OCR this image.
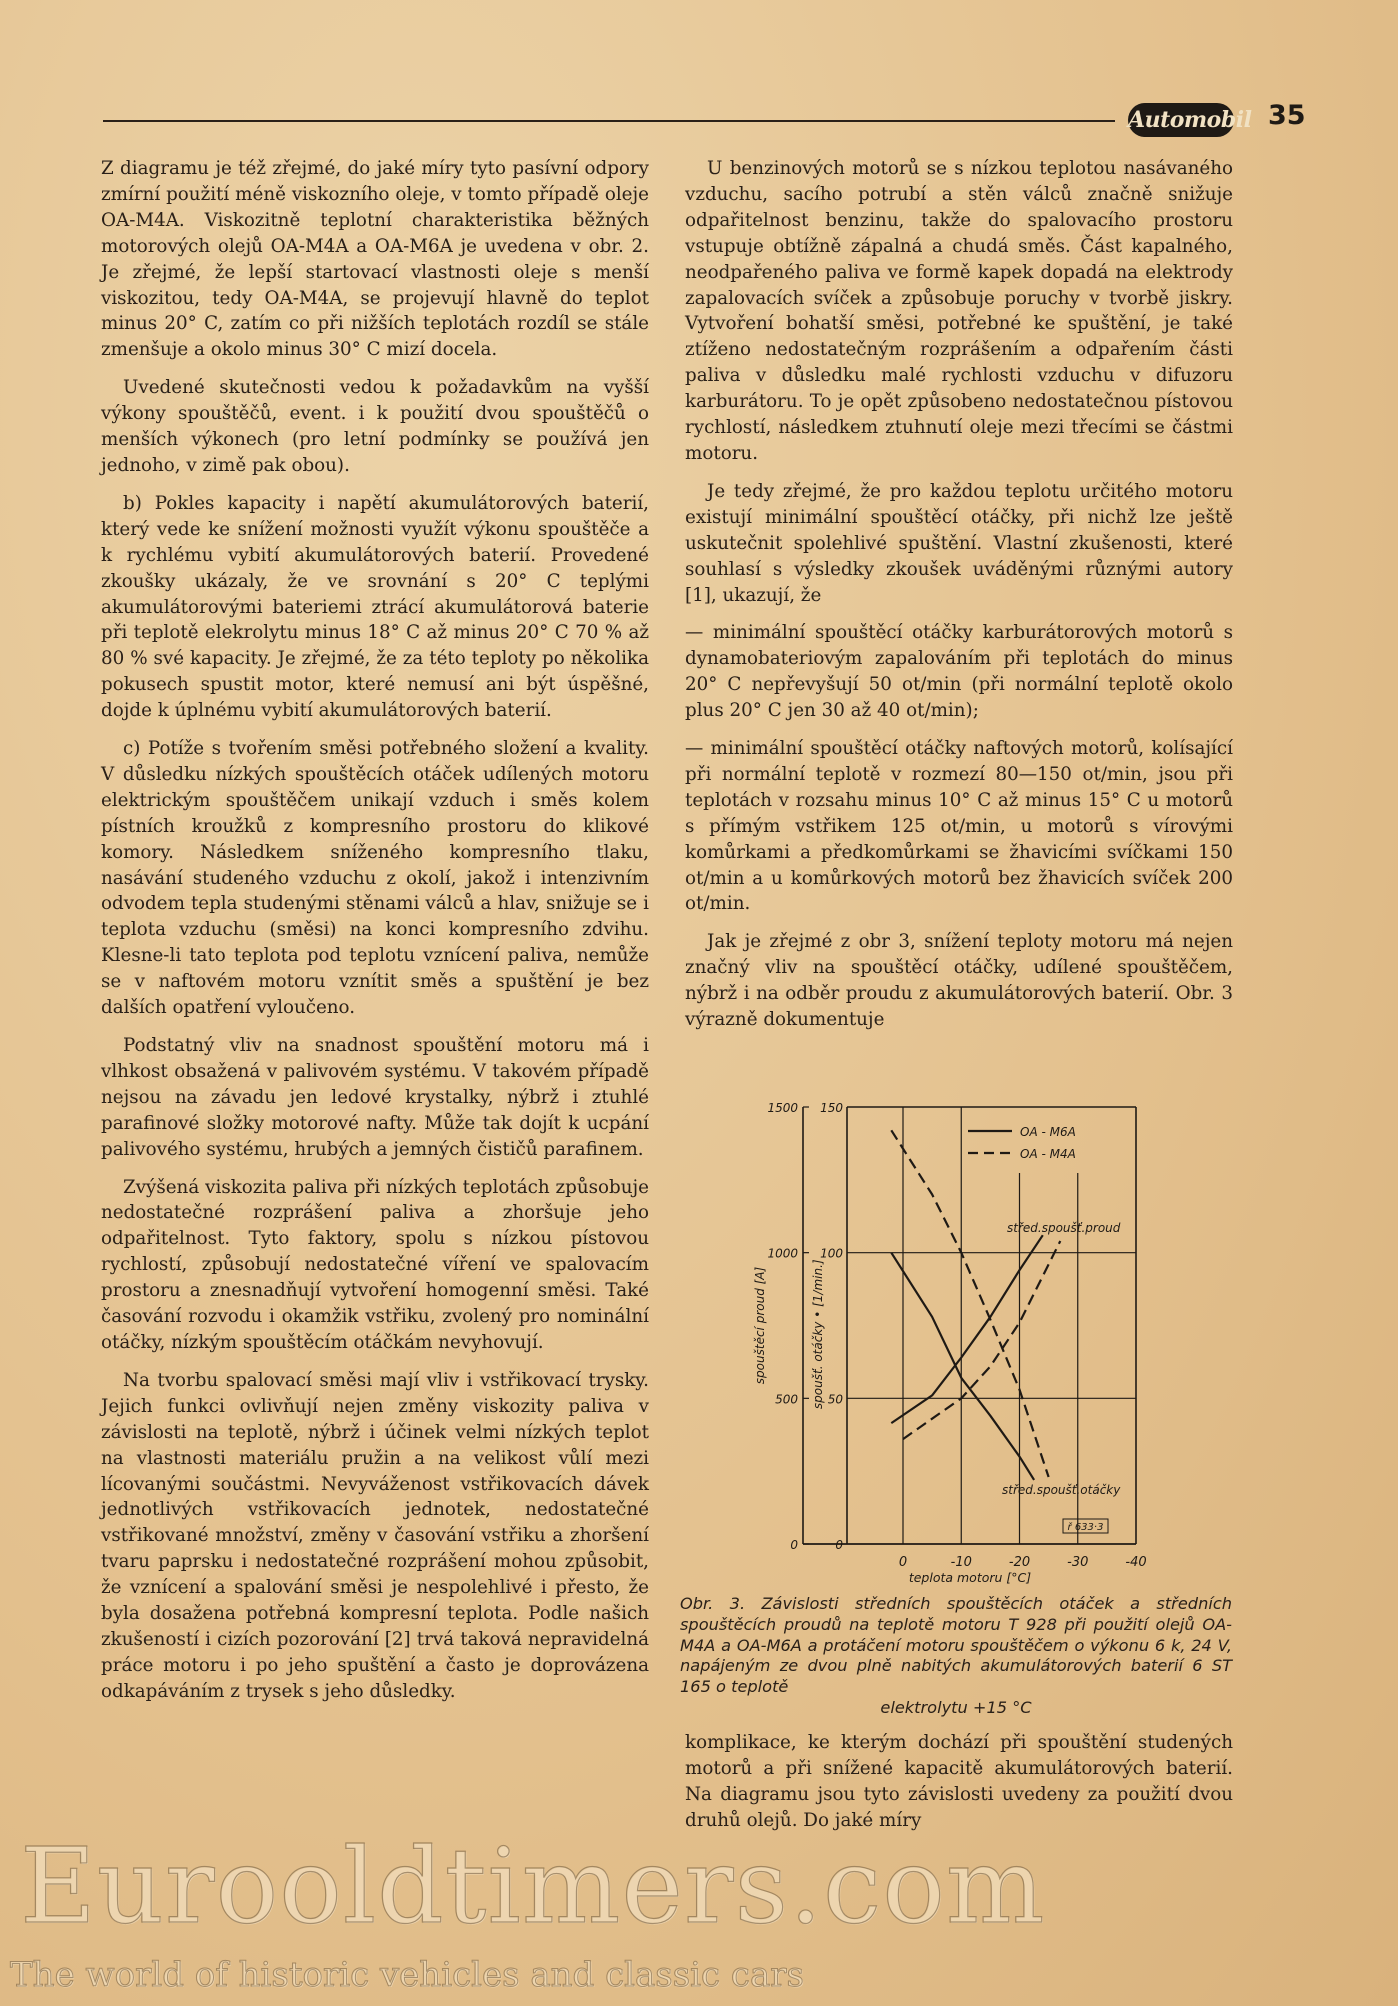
Automobil 35

Z diagramu je též zřejmé, do jaké míry tyto pasívní odpory zmírní použití méně viskozního oleje, v tomto případě oleje OA-M4A. Viskozitně teplotní charakteristika běžných motorových olejů OA-M4A a OA-M6A je uvedena v obr. 2. Je zřejmé, že lepší startovací vlastnosti oleje s menší viskozitou, tedy OA-M4A, se projevují hlavně do teplot minus 20° C, zatím co při nižších teplotách rozdíl se stále zmenšuje a okolo minus 30° C mizí docela.

Uvedené skutečnosti vedou k požadavkům na vyšší výkony spouštěčů, event. i k použití dvou spouštěčů o menších výkonech (pro letní podmínky se používá jen jednoho, v zimě pak obou).

b) Pokles kapacity i napětí akumulátorových baterií, který vede ke snížení možnosti využít výkonu spouštěče a k rychlému vybití akumulátorových baterií. Provedené zkoušky ukázaly, že ve srovnání s 20° C teplými akumulátorovými bateriemi ztrácí akumulátorová baterie při teplotě elekrolytu minus 18° C až minus 20° C 70 % až 80 % své kapacity. Je zřejmé, že za této teploty po několika pokusech spustit motor, které nemusí ani být úspěšné, dojde k úplnému vybití akumulátorových baterií.

c) Potíže s tvořením směsi potřebného složení a kvality. V důsledku nízkých spouštěcích otáček udílených motoru elektrickým spouštěčem unikají vzduch i směs kolem pístních kroužků z kompresního prostoru do klikové komory. Následkem sníženého kompresního tlaku, nasávání studeného vzduchu z okolí, jakož i intenzivním odvodem tepla studenými stěnami válců a hlav, snižuje se i teplota vzduchu (směsi) na konci kompresního zdvihu. Klesne-li tato teplota pod teplotu vznícení paliva, nemůže se v naftovém motoru vznítit směs a spuštění je bez dalších opatření vyloučeno.

Podstatný vliv na snadnost spouštění motoru má i vlhkost obsažená v palivovém systému. V takovém případě nejsou na závadu jen ledové krystalky, nýbrž i ztuhlé parafinové složky motorové nafty. Může tak dojít k ucpání palivového systému, hrubých a jemných čističů parafinem.

Zvýšená viskozita paliva při nízkých teplotách způsobuje nedostatečné rozprášení paliva a zhoršuje jeho odpařitelnost. Tyto faktory, spolu s nízkou pístovou rychlostí, způsobují nedostatečné víření ve spalovacím prostoru a znesnadňují vytvoření homogenní směsi. Také časování rozvodu i okamžik vstřiku, zvolený pro nominální otáčky, nízkým spouštěcím otáčkám nevyhovují.

Na tvorbu spalovací směsi mají vliv i vstřikovací trysky. Jejich funkci ovlivňují nejen změny viskozity paliva v závislosti na teplotě, nýbrž i účinek velmi nízkých teplot na vlastnosti materiálu pružin a na velikost vůlí mezi lícovanými součástmi. Nevyváženost vstřikovacích dávek jednotlivých vstřikovacích jednotek, nedostatečné vstřikované množství, změny v časování vstřiku a zhoršení tvaru paprsku i nedostatečné rozprášení mohou způsobit, že vznícení a spalování směsi je nespolehlivé i přesto, že byla dosažena potřebná kompresní teplota. Podle našich zkušeností i cizích pozorování [2] trvá taková nepravidelná práce motoru i po jeho spuštění a často je doprovázena odkapáváním z trysek s jeho důsledky.

U benzinových motorů se s nízkou teplotou nasávaného vzduchu, sacího potrubí a stěn válců značně snižuje odpařitelnost benzinu, takže do spalovacího prostoru vstupuje obtížně zápalná a chudá směs. Část kapalného, neodpařeného paliva ve formě kapek dopadá na elektrody zapalovacích svíček a způsobuje poruchy v tvorbě jiskry. Vytvoření bohatší směsi, potřebné ke spuštění, je také ztíženo nedostatečným rozprášením a odpařením části paliva v důsledku malé rychlosti vzduchu v difuzoru karburátoru. To je opět způsobeno nedostatečnou pístovou rychlostí, následkem ztuhnutí oleje mezi třecími se částmi motoru.

Je tedy zřejmé, že pro každou teplotu určitého motoru existují minimální spouštěcí otáčky, při nichž lze ještě uskutečnit spolehlivé spuštění. Vlastní zkušenosti, které souhlasí s výsledky zkoušek uváděnými různými autory [1], ukazují, že

— minimální spouštěcí otáčky karburátorových motorů s dynamobateriovým zapalováním při teplotách do minus 20° C nepřevyšují 50 ot/min (při normální teplotě okolo plus 20° C jen 30 až 40 ot/min);

— minimální spouštěcí otáčky naftových motorů, kolísající při normální teplotě v rozmezí 80—150 ot/min, jsou při teplotách v rozsahu minus 10° C až minus 15° C u motorů s přímým vstřikem 125 ot/min, u motorů s vírovými komůrkami a předkomůrkami se žhavicími svíčkami 150 ot/min a u komůrkových motorů bez žhavicích svíček 200 ot/min.

Jak je zřejmé z obr 3, snížení teploty motoru má nejen značný vliv na spouštěcí otáčky, udílené spouštěčem, nýbrž i na odběr proudu z akumulátorových baterií. Obr. 3 výrazně dokumentuje

0	0
500 50
1000 100
1500 150
0	-10	-20	-30	-40
teplota motoru [°C]
spouštěcí proud [A]	spoušť. otáčky • [1/min.]
OA - M6A
OA - M4A
střed.spoušť.proud
střed.spoušť.otáčky
ř 633·3
Obr. 3. Závislosti středních spouštěcích otáček a středních spouštěcích proudů na teplotě motoru T 928 při použití olejů OA-M4A a OA-M6A a protáčení motoru spouštěčem o výkonu 6 k, 24 V, napájeným ze dvou plně nabitých akumulátorových baterií 6 ST 165 o teplotě
elektrolytu +15 °C
komplikace, ke kterým dochází při spouštění studených motorů a při snížené kapacitě akumulátorových baterií. Na diagramu jsou tyto závislosti uvedeny za použití dvou druhů olejů. Do jaké míry
Eurooldtimers.com
The world of historic vehicles and classic cars
